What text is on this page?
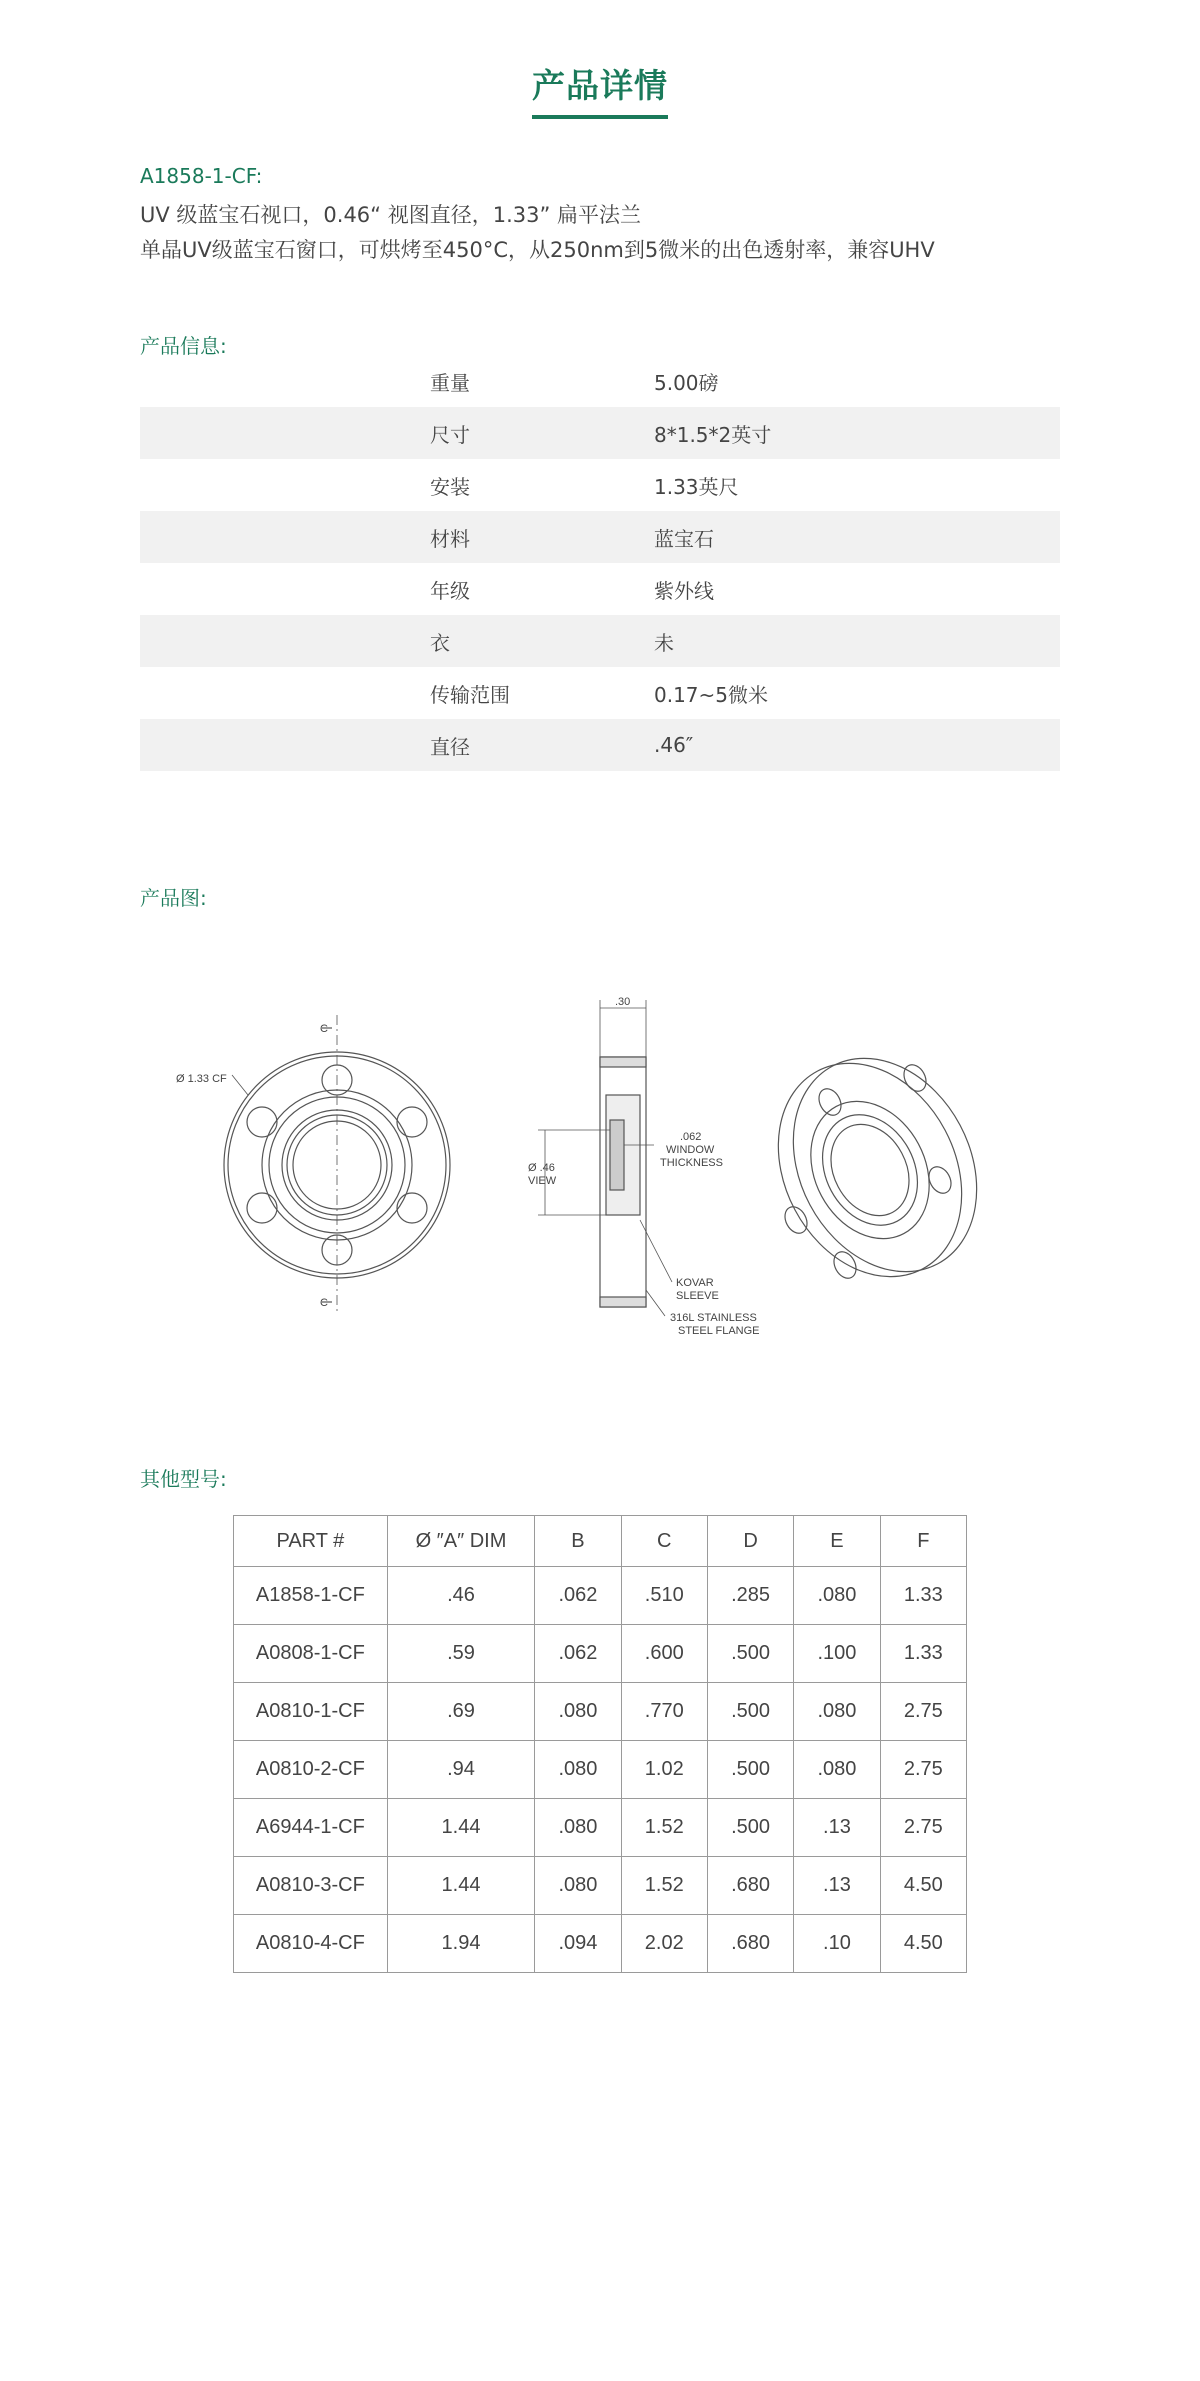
产品详情
A1858-1-CF:
UV 级蓝宝石视口，0.46“ 视图直径，1.33” 扁平法兰
单晶UV级蓝宝石窗口，可烘烤至450°C，从250nm到5微米的出色透射率，兼容UHV
产品信息:
重量	5.00磅
尺寸	8*1.5*2英寸
安装	1.33英尺
材料	蓝宝石
年级	紫外线
衣	未
传输范围	0.17~5微米
直径	.46″
产品图:
C
C
Ø 1.33 CF
.30
.062
WINDOW
THICKNESS
Ø .46
VIEW
KOVAR
SLEEVE
316L STAINLESS
STEEL FLANGE
其他型号:
PART #	Ø ″A″ DIM	B	C	D	E	F
A1858-1-CF	.46	.062	.510	.285	.080	1.33
A0808-1-CF	.59	.062	.600	.500	.100	1.33
A0810-1-CF	.69	.080	.770	.500	.080	2.75
A0810-2-CF	.94	.080	1.02	.500	.080	2.75
A6944-1-CF	1.44	.080	1.52	.500	.13	2.75
A0810-3-CF	1.44	.080	1.52	.680	.13	4.50
A0810-4-CF	1.94	.094	2.02	.680	.10	4.50
